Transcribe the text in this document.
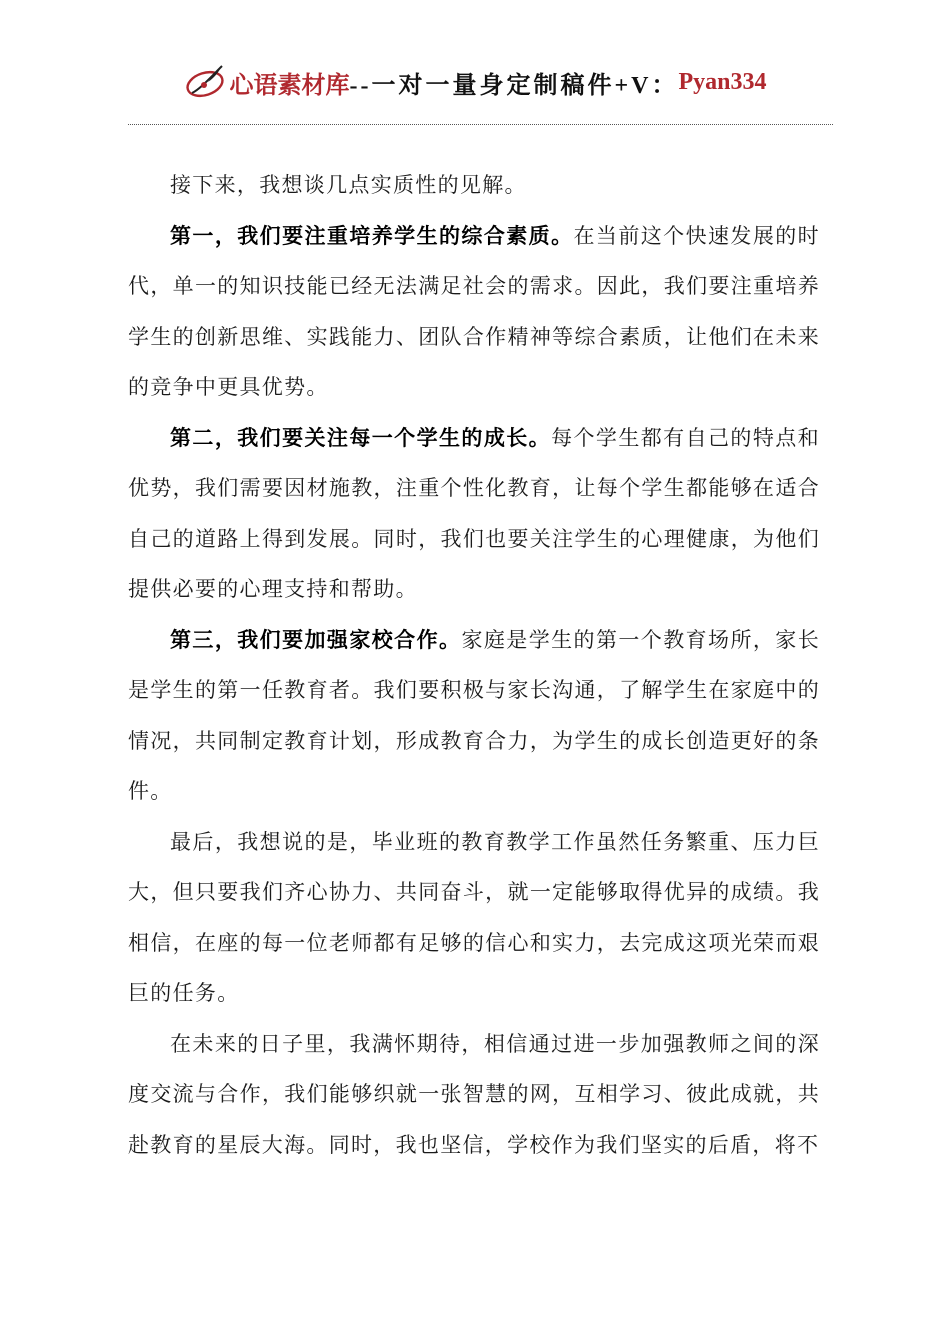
心语素材库 --一对一量身定制稿件+V： Pyan334

接下来，我想谈几点实质性的见解。

第一，我们要注重培养学生的综合素质。在当前这个快速发展的时代，单一的知识技能已经无法满足社会的需求。因此，我们要注重培养学生的创新思维、实践能力、团队合作精神等综合素质，让他们在未来的竞争中更具优势。

第二，我们要关注每一个学生的成长。每个学生都有自己的特点和优势，我们需要因材施教，注重个性化教育，让每个学生都能够在适合自己的道路上得到发展。同时，我们也要关注学生的心理健康，为他们提供必要的心理支持和帮助。

第三，我们要加强家校合作。家庭是学生的第一个教育场所，家长是学生的第一任教育者。我们要积极与家长沟通，了解学生在家庭中的情况，共同制定教育计划，形成教育合力，为学生的成长创造更好的条件。

最后，我想说的是，毕业班的教育教学工作虽然任务繁重、压力巨大，但只要我们齐心协力、共同奋斗，就一定能够取得优异的成绩。我相信，在座的每一位老师都有足够的信心和实力，去完成这项光荣而艰巨的任务。

在未来的日子里，我满怀期待，相信通过进一步加强教师之间的深度交流与合作，我们能够织就一张智慧的网，互相学习、彼此成就，共赴教育的星辰大海。同时，我也坚信，学校作为我们坚实的后盾，将不
